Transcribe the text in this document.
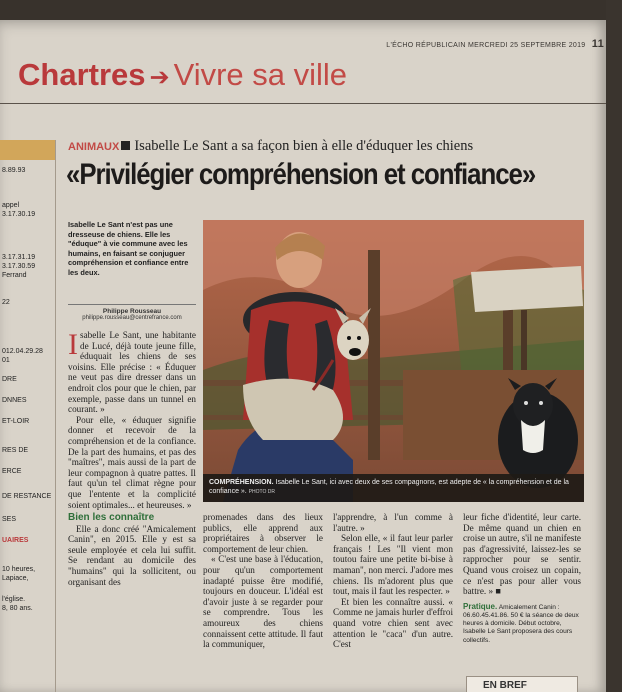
L'ÉCHO RÉPUBLICAIN MERCREDI 25 SEPTEMBRE 2019 11
Chartres ➔ Vivre sa ville
8.89.93
appel
3.17.30.19
3.17.31.19
3.17.30.59
Ferrand
22
012.04.29.28
01
DRE
DNNES
ET-LOIR
RES DE
ERCE
DE RESTANCE
SES
UAIRES
10 heures,
Lapiace,
l'église.
8, 80 ans.
ANIMAUX Isabelle Le Sant a sa façon bien à elle d'éduquer les chiens
«Privilégier compréhension et confiance»
Isabelle Le Sant n'est pas une dresseuse de chiens. Elle les "éduque" à vie commune avec les humains, en faisant se conjuguer compréhension et confiance entre les deux.
Philippe Rousseau
philippe.rousseau@centrefrance.com

Isabelle Le Sant, une habitante de Lucé, déjà toute jeune fille, éduquait les chiens de ses voisins. Elle précise : « Éduquer ne veut pas dire dresser dans un endroit clos pour que le chien, par exemple, passe dans un tunnel en courant. »

Pour elle, « éduquer signifie donner et recevoir de la compréhension et de la confiance. De la part des humains, et pas des "maîtres", mais aussi de la part de leur compagnon à quatre pattes. Il faut qu'un tel climat règne pour que l'entente et la complicité soient optimales... et heureuses. »

Bien les connaître

Elle a donc créé "Amicalement Canin", en 2015. Elle y est sa seule employée et cela lui suffit. Se rendant au domicile des "humains" qui la sollicitent, ou organisant des

COMPRÉHENSION. Isabelle Le Sant, ici avec deux de ses compagnons, est adepte de « la compréhension et de la confiance ». PHOTO DR

promenades dans des lieux publics, elle apprend aux propriétaires à observer le comportement de leur chien.

« C'est une base à l'éducation, pour qu'un comportement inadapté puisse être modifié, toujours en douceur. L'idéal est d'avoir juste à se regarder pour se comprendre. Tous les amoureux des chiens connaissent cette attitude. Il faut la communiquer,

l'apprendre, à l'un comme à l'autre. »

Selon elle, « il faut leur parler français ! Les "Il vient mon toutou faire une petite bi-bise à maman", non merci. J'adore mes chiens. Ils m'adorent plus que tout, mais il faut les respecter. »

Et bien les connaître aussi. « Comme ne jamais hurler d'effroi quand votre chien sent avec attention le "caca" d'un autre. C'est

leur fiche d'identité, leur carte. De même quand un chien en croise un autre, s'il ne manifeste pas d'agressivité, laissez-les se rapprocher pour se sentir. Quand vous croisez un copain, ce n'est pas pour aller vous battre. » ■

Pratique. Amicalement Canin : 06.60.45.41.86. 50 € la séance de deux heures à domicile. Début octobre, Isabelle Le Sant proposera des cours collectifs.
EN BREF
